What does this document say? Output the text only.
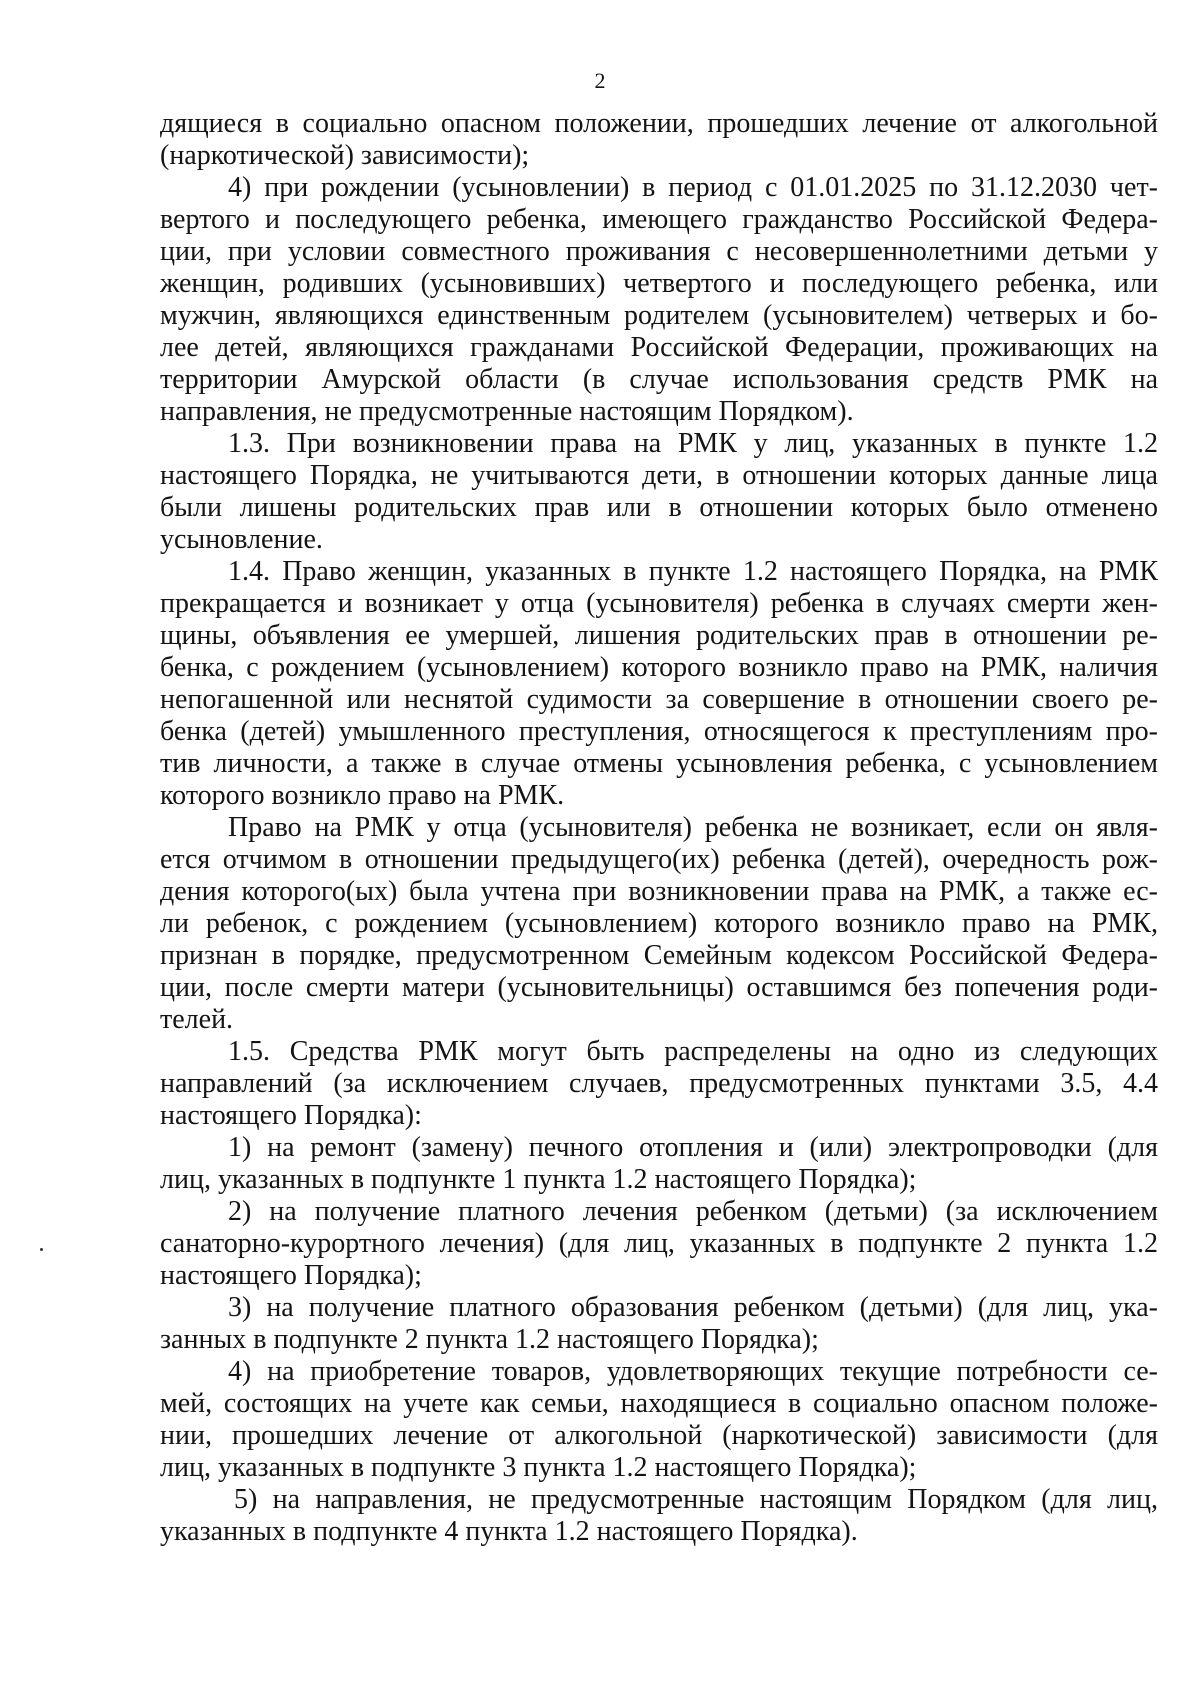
2
дящиеся в социально опасном положении, прошедших лечение от алкогольной
(наркотической) зависимости);
4) при рождении (усыновлении) в период с 01.01.2025 по 31.12.2030 чет-
вертого и последующего ребенка, имеющего гражданство Российской Федера-
ции, при условии совместного проживания с несовершеннолетними детьми у
женщин, родивших (усыновивших) четвертого и последующего ребенка, или
мужчин, являющихся единственным родителем (усыновителем) четверых и бо-
лее детей, являющихся гражданами Российской Федерации, проживающих на
территории Амурской области (в случае использования средств РМК на
направления, не предусмотренные настоящим Порядком).
1.3. При возникновении права на РМК у лиц, указанных в пункте 1.2
настоящего Порядка, не учитываются дети, в отношении которых данные лица
были лишены родительских прав или в отношении которых было отменено
усыновление.
1.4. Право женщин, указанных в пункте 1.2 настоящего Порядка, на РМК
прекращается и возникает у отца (усыновителя) ребенка в случаях смерти жен-
щины, объявления ее умершей, лишения родительских прав в отношении ре-
бенка, с рождением (усыновлением) которого возникло право на РМК, наличия
непогашенной или неснятой судимости за совершение в отношении своего ре-
бенка (детей) умышленного преступления, относящегося к преступлениям про-
тив личности, а также в случае отмены усыновления ребенка, с усыновлением
которого возникло право на РМК.
Право на РМК у отца (усыновителя) ребенка не возникает, если он явля-
ется отчимом в отношении предыдущего(их) ребенка (детей), очередность рож-
дения которого(ых) была учтена при возникновении права на РМК, а также ес-
ли ребенок, с рождением (усыновлением) которого возникло право на РМК,
признан в порядке, предусмотренном Семейным кодексом Российской Федера-
ции, после смерти матери (усыновительницы) оставшимся без попечения роди-
телей.
1.5. Средства РМК могут быть распределены на одно из следующих
направлений (за исключением случаев, предусмотренных пунктами 3.5, 4.4
настоящего Порядка):
1) на ремонт (замену) печного отопления и (или) электропроводки (для
лиц, указанных в подпункте 1 пункта 1.2 настоящего Порядка);
2) на получение платного лечения ребенком (детьми) (за исключением
санаторно-курортного лечения) (для лиц, указанных в подпункте 2 пункта 1.2
настоящего Порядка);
3) на получение платного образования ребенком (детьми) (для лиц, ука-
занных в подпункте 2 пункта 1.2 настоящего Порядка);
4) на приобретение товаров, удовлетворяющих текущие потребности се-
мей, состоящих на учете как семьи, находящиеся в социально опасном положе-
нии, прошедших лечение от алкогольной (наркотической) зависимости (для
лиц, указанных в подпункте 3 пункта 1.2 настоящего Порядка);
5) на направления, не предусмотренные настоящим Порядком (для лиц,
указанных в подпункте 4 пункта 1.2 настоящего Порядка).
